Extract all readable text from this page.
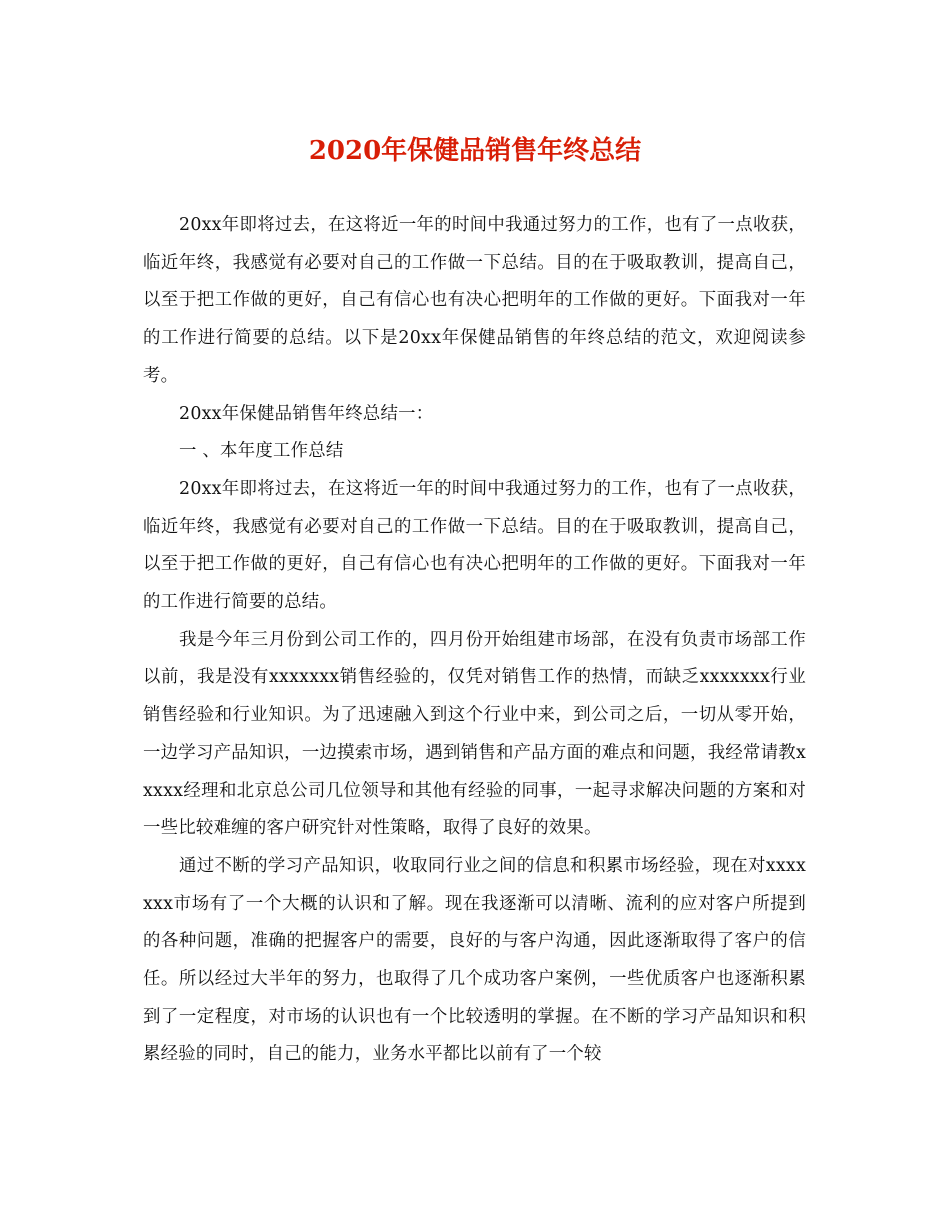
2020年保健品销售年终总结

20xx年即将过去，在这将近一年的时间中我通过努力的工作，也有了一点收获，临近年终，我感觉有必要对自己的工作做一下总结。目的在于吸取教训，提高自己，以至于把工作做的更好，自己有信心也有决心把明年的工作做的更好。下面我对一年的工作进行简要的总结。以下是20xx年保健品销售的年终总结的范文，欢迎阅读参考。

20xx年保健品销售年终总结一：

一 、本年度工作总结

20xx年即将过去，在这将近一年的时间中我通过努力的工作，也有了一点收获，临近年终，我感觉有必要对自己的工作做一下总结。目的在于吸取教训，提高自己，以至于把工作做的更好，自己有信心也有决心把明年的工作做的更好。下面我对一年的工作进行简要的总结。

我是今年三月份到公司工作的，四月份开始组建市场部，在没有负责市场部工作以前，我是没有xxxxxxx销售经验的，仅凭对销售工作的热情，而缺乏xxxxxxx行业销售经验和行业知识。为了迅速融入到这个行业中来，到公司之后，一切从零开始，一边学习产品知识，一边摸索市场，遇到销售和产品方面的难点和问题，我经常请教xxxxx经理和北京总公司几位领导和其他有经验的同事，一起寻求解决问题的方案和对一些比较难缠的客户研究针对性策略，取得了良好的效果。

通过不断的学习产品知识，收取同行业之间的信息和积累市场经验，现在对xxxxxxx市场有了一个大概的认识和了解。现在我逐渐可以清晰、流利的应对客户所提到的各种问题，准确的把握客户的需要，良好的与客户沟通，因此逐渐取得了客户的信任。所以经过大半年的努力，也取得了几个成功客户案例，一些优质客户也逐渐积累到了一定程度，对市场的认识也有一个比较透明的掌握。在不断的学习产品知识和积累经验的同时，自己的能力，业务水平都比以前有了一个较
